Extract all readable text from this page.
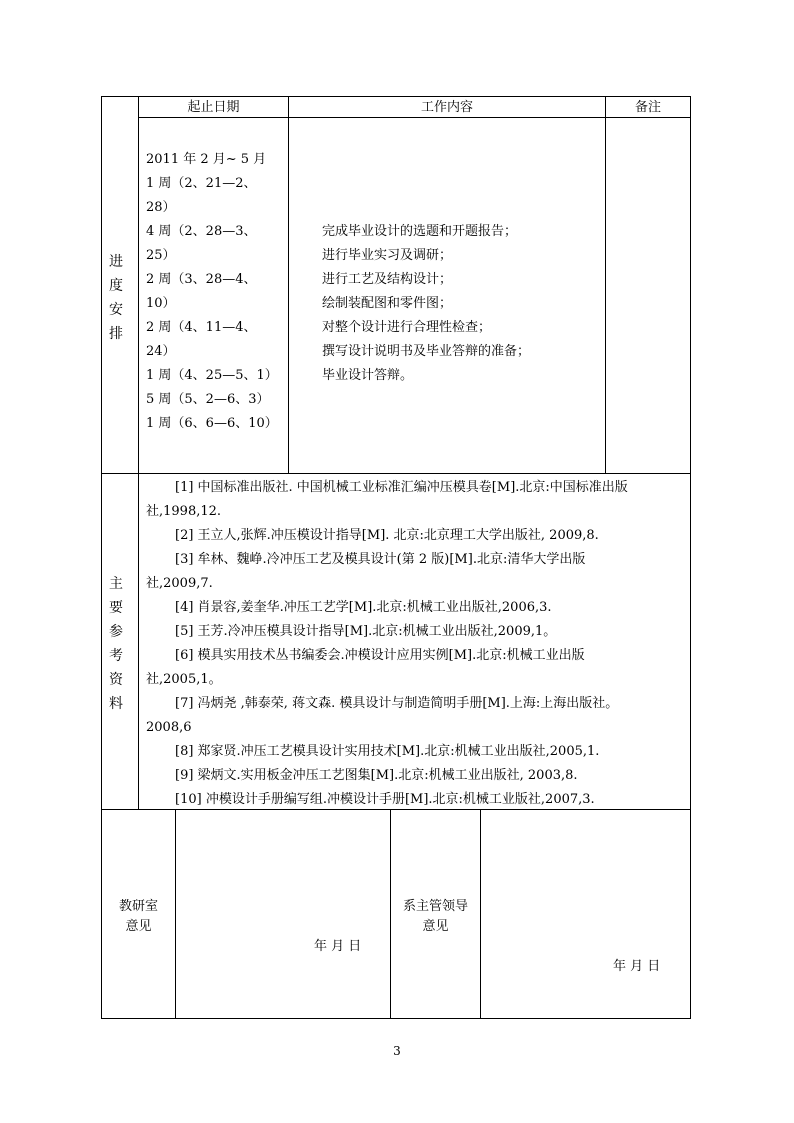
进
度
安
排
起止日期	工作内容	备注
2011 年 2 月~ 5 月
1 周（2、21—2、
28）
4 周（2、28—3、
25）
2 周（3、28—4、
10）
2 周（4、11—4、
24）
1 周（4、25—5、1）
5 周（5、2—6、3）
1 周（6、6—6、10）
完成毕业设计的选题和开题报告；
进行毕业实习及调研；
进行工艺及结构设计；
绘制装配图和零件图；
对整个设计进行合理性检查；
撰写设计说明书及毕业答辩的准备；
毕业设计答辩。
主
要
参
考
资
料
[1] 中国标准出版社. 中国机械工业标准汇编冲压模具卷[M].北京:中国标准出版
社,1998,12.
[2] 王立人,张辉.冲压模设计指导[M]. 北京:北京理工大学出版社, 2009,8.
[3] 牟林、魏峥.冷冲压工艺及模具设计(第 2 版)[M].北京:清华大学出版
社,2009,7.
[4] 肖景容,姜奎华.冲压工艺学[M].北京:机械工业出版社,2006,3.
[5] 王芳.冷冲压模具设计指导[M].北京:机械工业出版社,2009,1。
[6] 模具实用技术丛书编委会.冲模设计应用实例[M].北京:机械工业出版
社,2005,1。
[7] 冯炳尧 ,韩泰荣, 蒋文森. 模具设计与制造简明手册[M].上海:上海出版社。
2008,6
[8] 郑家贤.冲压工艺模具设计实用技术[M].北京:机械工业出版社,2005,1.
[9] 梁炳文.实用板金冲压工艺图集[M].北京:机械工业出版社, 2003,8.
[10] 冲模设计手册编写组.冲模设计手册[M].北京:机械工业版社,2007,3.
教研室
意见
年 月 日
系主管领导
意见
年 月 日
3
